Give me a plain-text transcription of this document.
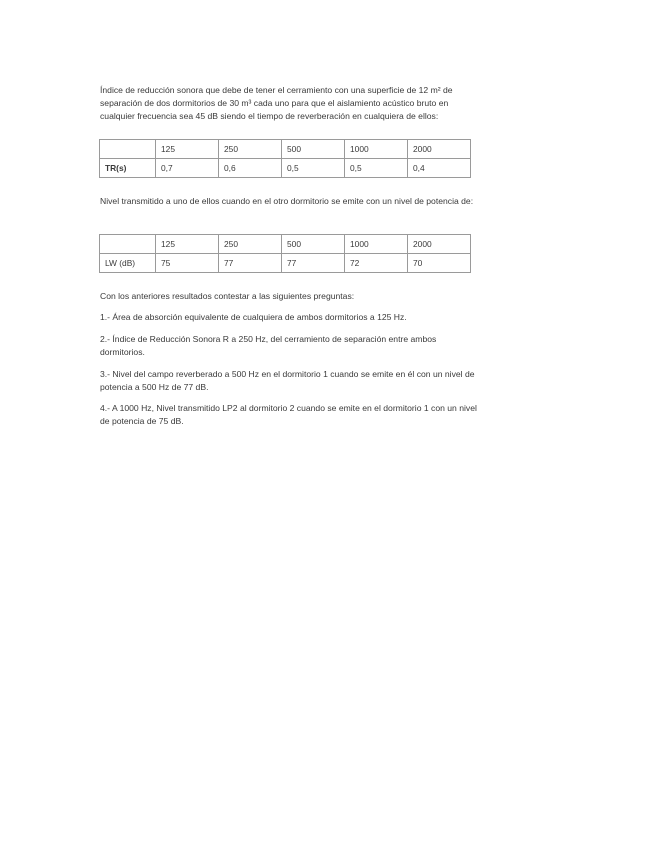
Índice de reducción sonora que debe de tener el cerramiento con una superficie de 12 m² de separación de dos dormitorios de 30 m³ cada uno para que el aislamiento acústico bruto en cualquier frecuencia sea 45 dB siendo el tiempo de reverberación en cualquiera de ellos:

	125	250	500	1000	2000
TR(s)	0,7	0,6	0,5	0,5	0,4

Nivel transmitido a uno de ellos cuando en el otro dormitorio se emite con un nivel de potencia de:

	125	250	500	1000	2000
LW (dB)	75	77	77	72	70

Con los anteriores resultados contestar a las siguientes preguntas:

1.- Área de absorción equivalente de cualquiera de ambos dormitorios a 125 Hz.

2.- Índice de Reducción Sonora R a 250 Hz, del cerramiento de separación entre ambos dormitorios.

3.- Nivel del campo reverberado a 500 Hz en el dormitorio 1 cuando se emite en él con un nivel de potencia a 500 Hz de 77 dB.

4.- A 1000 Hz, Nivel transmitido LP2 al dormitorio 2 cuando se emite en el dormitorio 1 con un nivel de potencia de 75 dB.
